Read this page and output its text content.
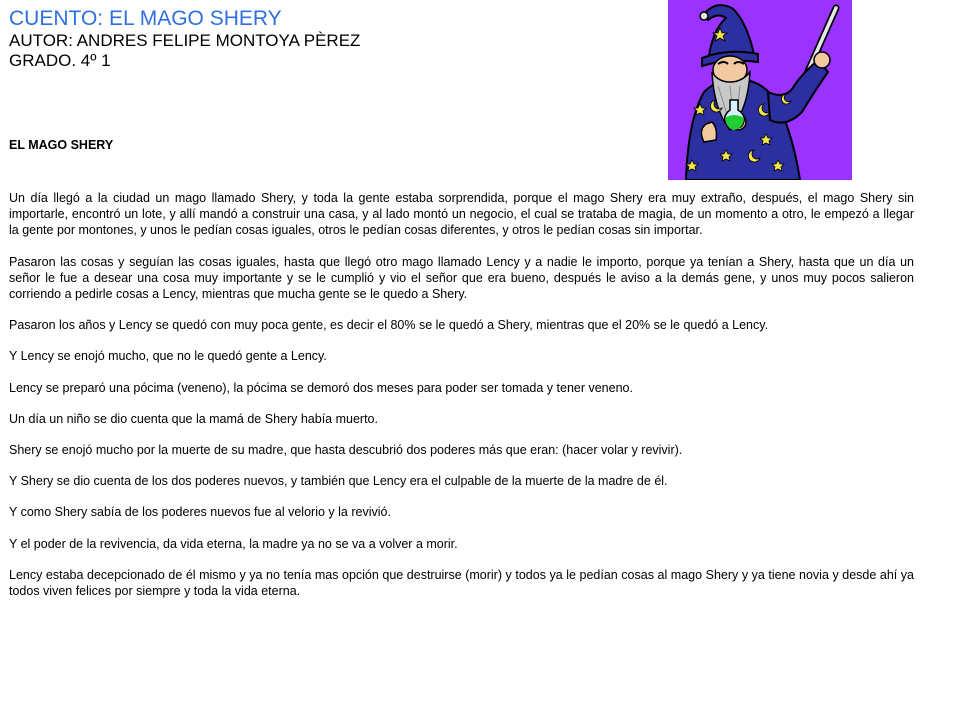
CUENTO: EL MAGO SHERY
AUTOR: ANDRES FELIPE MONTOYA PÈREZ
GRADO. 4º 1
EL MAGO SHERY

Un día llegó a la ciudad un mago llamado Shery, y toda la gente estaba sorprendida, porque el mago Shery era muy extraño, después, el mago Shery sin importarle, encontró un lote, y allí mandó a construir una casa, y al lado montó un negocio, el cual se trataba de magia, de un momento a otro, le empezó a llegar la gente por montones, y unos le pedían cosas iguales, otros le pedían cosas diferentes, y otros le pedían cosas sin importar.

Pasaron las cosas y seguían las cosas iguales, hasta que llegó otro mago llamado Lency y a nadie le importo, porque ya tenían a Shery, hasta que un día un señor le fue a desear una cosa muy importante y se le cumplió y vio el señor que era bueno, después le aviso a la demás gene, y unos muy pocos salieron corriendo a pedirle cosas a Lency, mientras que mucha gente se le quedo a Shery.

Pasaron los años y Lency se quedó con muy poca gente, es decir el 80% se le quedó a Shery, mientras que el 20% se le quedó a Lency.

Y Lency se enojó mucho, que no le quedó gente a Lency.

Lency se preparó una pócima (veneno), la pócima se demoró dos meses para poder ser tomada y tener veneno.

Un día un niño se dio cuenta que la mamá de Shery había muerto.

Shery se enojó mucho por la muerte de su madre, que hasta descubrió dos poderes más que eran: (hacer volar y revivir).

Y Shery se dio cuenta de los dos poderes nuevos, y también que Lency era el culpable de la muerte de la madre de él.

Y como Shery sabía de los poderes nuevos fue al velorio y la revivió.

Y el poder de la revivencia, da vida eterna, la madre ya no se va a volver a morir.

Lency estaba decepcionado de él mismo y ya no tenía mas opción que destruirse (morir) y todos ya le pedían cosas al mago Shery y ya tiene novia y desde ahí ya todos viven felices por siempre y toda la vida eterna.
